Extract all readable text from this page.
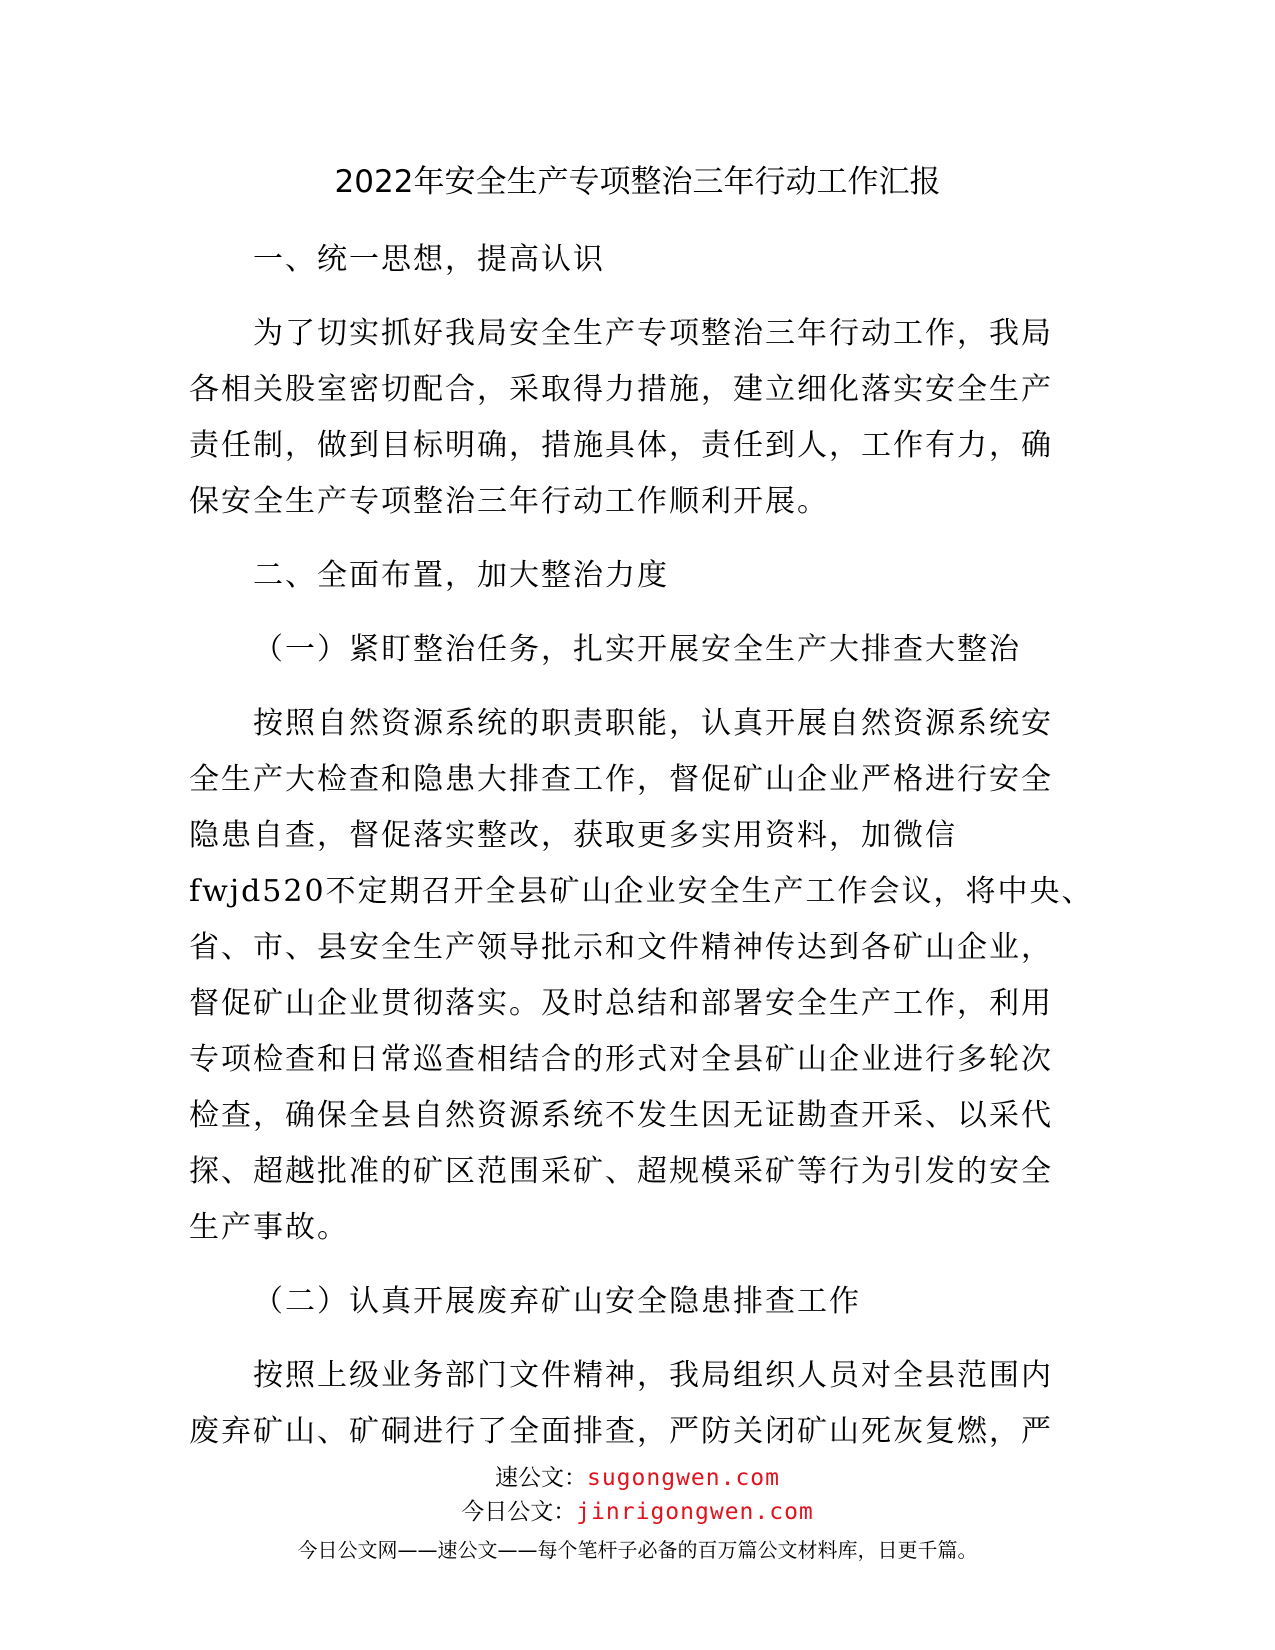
2022年安全生产专项整治三年行动工作汇报
一、统一思想，提高认识
为了切实抓好我局安全生产专项整治三年行动工作，我局
各相关股室密切配合，采取得力措施，建立细化落实安全生产
责任制，做到目标明确，措施具体，责任到人，工作有力，确
保安全生产专项整治三年行动工作顺利开展。
二、全面布置，加大整治力度
（一）紧盯整治任务，扎实开展安全生产大排查大整治
按照自然资源系统的职责职能，认真开展自然资源系统安
全生产大检查和隐患大排查工作，督促矿山企业严格进行安全
隐患自查，督促落实整改，获取更多实用资料，加微信
fwjd520不定期召开全县矿山企业安全生产工作会议，将中央、
省、市、县安全生产领导批示和文件精神传达到各矿山企业，
督促矿山企业贯彻落实。及时总结和部署安全生产工作，利用
专项检查和日常巡查相结合的形式对全县矿山企业进行多轮次
检查，确保全县自然资源系统不发生因无证勘查开采、以采代
探、超越批准的矿区范围采矿、超规模采矿等行为引发的安全
生产事故。
（二）认真开展废弃矿山安全隐患排查工作
按照上级业务部门文件精神，我局组织人员对全县范围内
废弃矿山、矿硐进行了全面排查，严防关闭矿山死灰复燃，严
速公文：sugongwen.com
今日公文：jinrigongwen.com
今日公文网——速公文——每个笔杆子必备的百万篇公文材料库，日更千篇。
